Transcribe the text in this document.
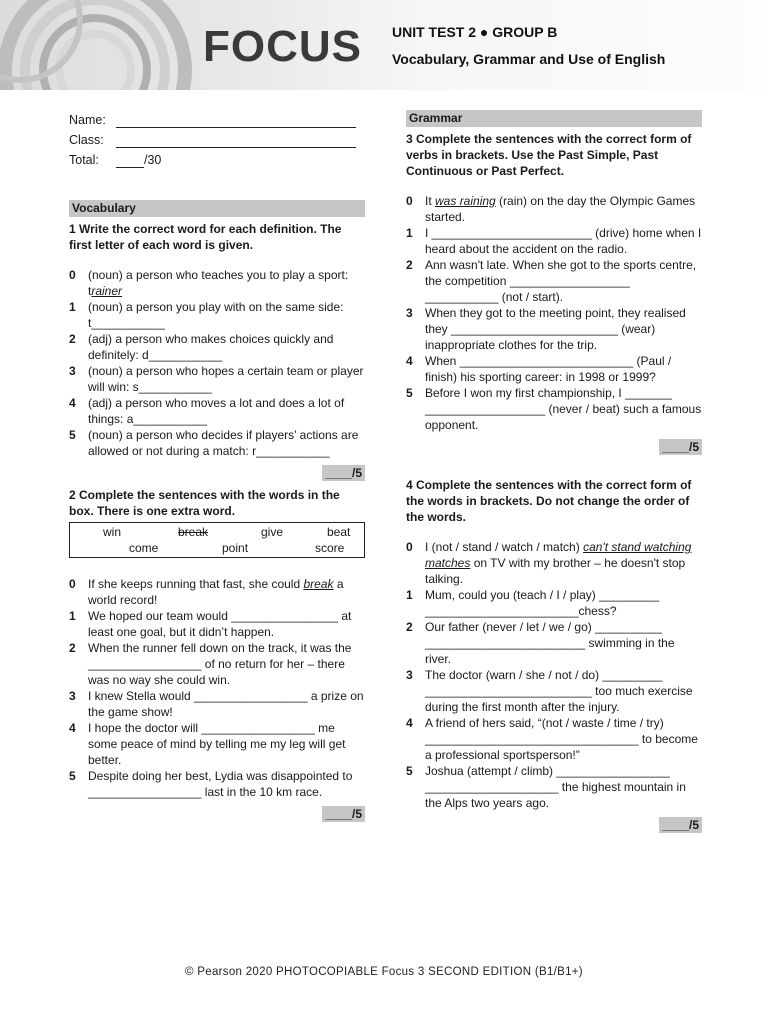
FOCUS UNIT TEST 2 ● GROUP B
Vocabulary, Grammar and Use of English
Name:
Class:
Total:	/30
Vocabulary
1 Write the correct word for each definition. The first letter of each word is given.
0	(noun) a person who teaches you to play a sport: trainer
1	(noun) a person you play with on the same side: t___________
2	(adj) a person who makes choices quickly and definitely: d___________
3	(noun) a person who hopes a certain team or player will win: s___________
4	(adj) a person who moves a lot and does a lot of things: a___________
5	(noun) a person who decides if players’ actions are allowed or not during a match: r___________
____/5
2 Complete the sentences with the words in the box. There is one extra word.
win	break	give	beat
come	point	score
0	If she keeps running that fast, she could break a world record!
1	We hoped our team would ________________ at least one goal, but it didn’t happen.
2	When the runner fell down on the track, it was the _________________ of no return for her – there was no way she could win.
3	I knew Stella would _________________ a prize on the game show!
4	I hope the doctor will _________________ me some peace of mind by telling me my leg will get better.
5	Despite doing her best, Lydia was disappointed to _________________ last in the 10 km race.
____/5
Grammar
3 Complete the sentences with the correct form of verbs in brackets. Use the Past Simple, Past Continuous or Past Perfect.
0	It was raining (rain) on the day the Olympic Games started.
1	I ________________________ (drive) home when I heard about the accident on the radio.
2	Ann wasn't late. When she got to the sports centre, the competition __________________ ___________ (not / start).
3	When they got to the meeting point, they realised they _________________________ (wear) inappropriate clothes for the trip.
4	When __________________________ (Paul / finish) his sporting career: in 1998 or 1999?
5	Before I won my first championship, I _______ __________________ (never / beat) such a famous opponent.
____/5
4 Complete the sentences with the correct form of the words in brackets. Do not change the order of the words.
0	I (not / stand / watch / match) can't stand watching matches on TV with my brother – he doesn't stop talking.
1	Mum, could you (teach / I / play) _________ _______________________chess?
2	Our father (never / let / we / go) __________ ________________________ swimming in the river.
3	The doctor (warn / she / not / do) _________ _________________________ too much exercise during the first month after the injury.
4	A friend of hers said, “(not / waste / time / try) ________________________________ to become a professional sportsperson!”
5	Joshua (attempt / climb) _________________ ____________________ the highest mountain in the Alps two years ago.
____/5
© Pearson 2020 PHOTOCOPIABLE Focus 3 SECOND EDITION (B1/B1+)
